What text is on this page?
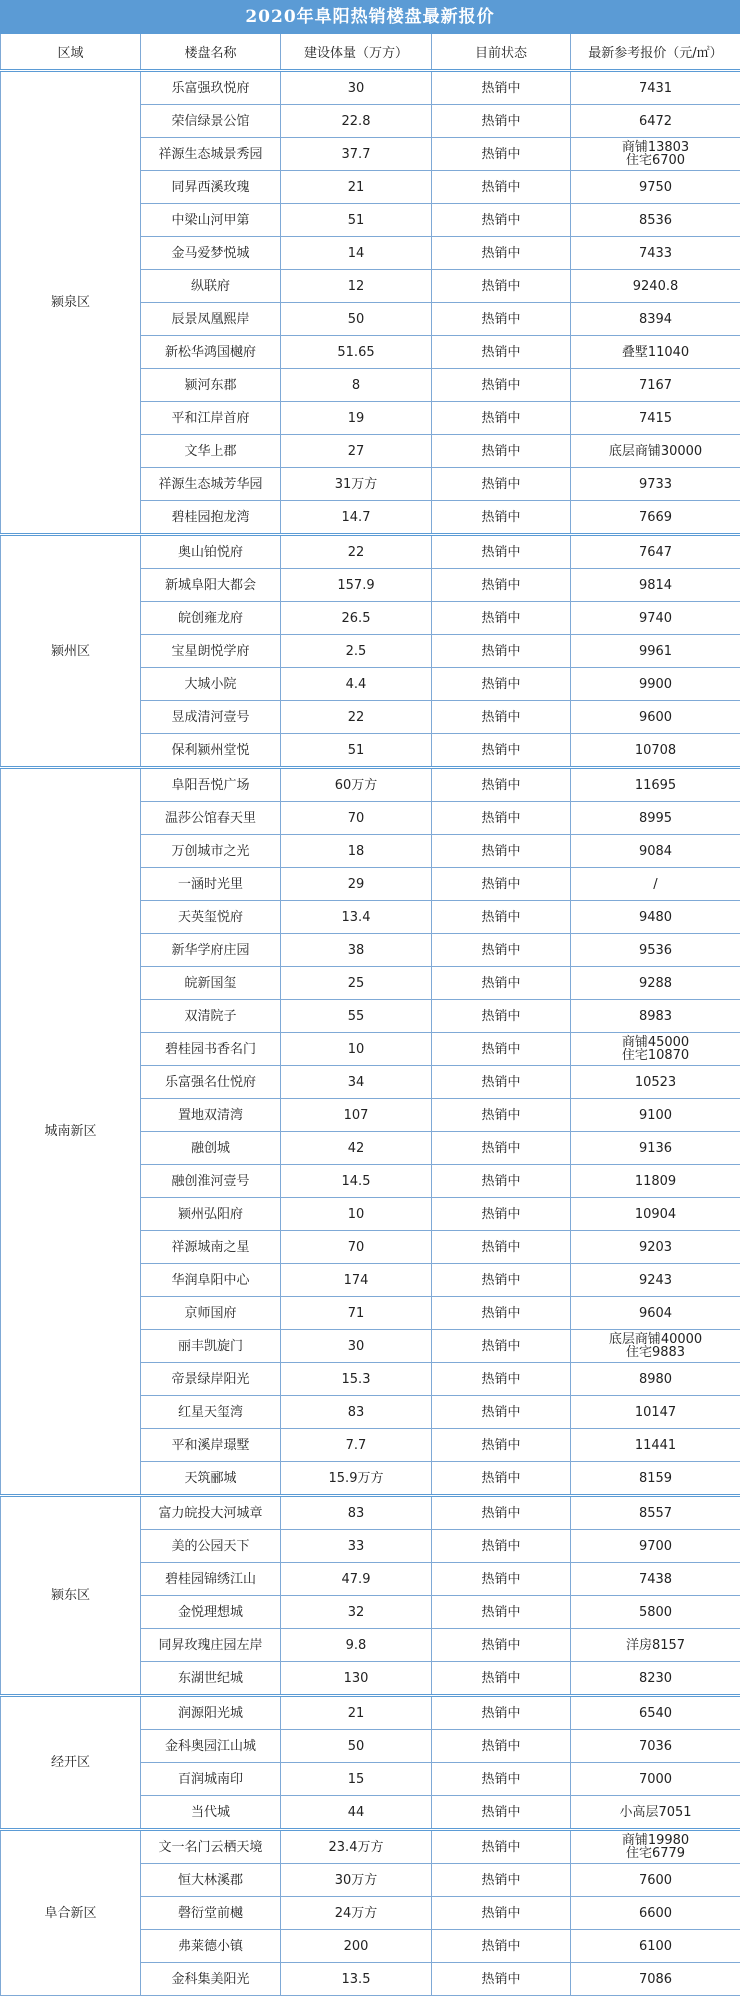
2020年阜阳热销楼盘最新报价
区域	楼盘名称	建设体量（万方）	目前状态	最新参考报价（元/㎡）
颍泉区	乐富强玖悦府	30	热销中	7431
	荣信绿景公馆	22.8	热销中	6472
	祥源生态城景秀园	37.7	热销中	商铺13803
住宅6700

	同昇西溪玫瑰	21	热销中	9750
	中梁山河甲第	51	热销中	8536
	金马爱梦悦城	14	热销中	7433
	纵联府	12	热销中	9240.8
	辰景凤凰熙岸	50	热销中	8394
	新松华鸿国樾府	51.65	热销中	叠墅11040
	颍河东郡	8	热销中	7167
	平和江岸首府	19	热销中	7415
	文华上郡	27	热销中	底层商铺30000
	祥源生态城芳华园	31万方	热销中	9733
	碧桂园抱龙湾	14.7	热销中	7669
颍州区	奥山铂悦府	22	热销中	7647
	新城阜阳大都会	157.9	热销中	9814
	皖创雍龙府	26.5	热销中	9740
	宝星朗悦学府	2.5	热销中	9961
	大城小院	4.4	热销中	9900
	昱成清河壹号	22	热销中	9600
	保利颍州堂悦	51	热销中	10708
城南新区	阜阳吾悦广场	60万方	热销中	11695
	温莎公馆春天里	70	热销中	8995
	万创城市之光	18	热销中	9084
	一涵时光里	29	热销中	/
	天英玺悦府	13.4	热销中	9480
	新华学府庄园	38	热销中	9536
	皖新国玺	25	热销中	9288
	双清院子	55	热销中	8983
	碧桂园书香名门	10	热销中	商铺45000
住宅10870

	乐富强名仕悦府	34	热销中	10523
	置地双清湾	107	热销中	9100
	融创城	42	热销中	9136
	融创淮河壹号	14.5	热销中	11809
	颍州弘阳府	10	热销中	10904
	祥源城南之星	70	热销中	9203
	华润阜阳中心	174	热销中	9243
	京师国府	71	热销中	9604
	丽丰凯旋门	30	热销中	底层商铺40000
住宅9883

	帝景绿岸阳光	15.3	热销中	8980
	红星天玺湾	83	热销中	10147
	平和溪岸璟墅	7.7	热销中	11441
	天筑郦城	15.9万方	热销中	8159
颍东区	富力皖投大河城章	83	热销中	8557
	美的公园天下	33	热销中	9700
	碧桂园锦绣江山	47.9	热销中	7438
	金悦理想城	32	热销中	5800
	同昇玫瑰庄园左岸	9.8	热销中	洋房8157
	东湖世纪城	130	热销中	8230
经开区	润源阳光城	21	热销中	6540
	金科奥园江山城	50	热销中	7036
	百润城南印	15	热销中	7000
	当代城	44	热销中	小高层7051
阜合新区	文一名门云栖天境	23.4万方	热销中	商铺19980
住宅6779

	恒大林溪郡	30万方	热销中	7600
	磬衍堂前樾	24万方	热销中	6600
	弗莱德小镇	200	热销中	6100
	金科集美阳光	13.5	热销中	7086
